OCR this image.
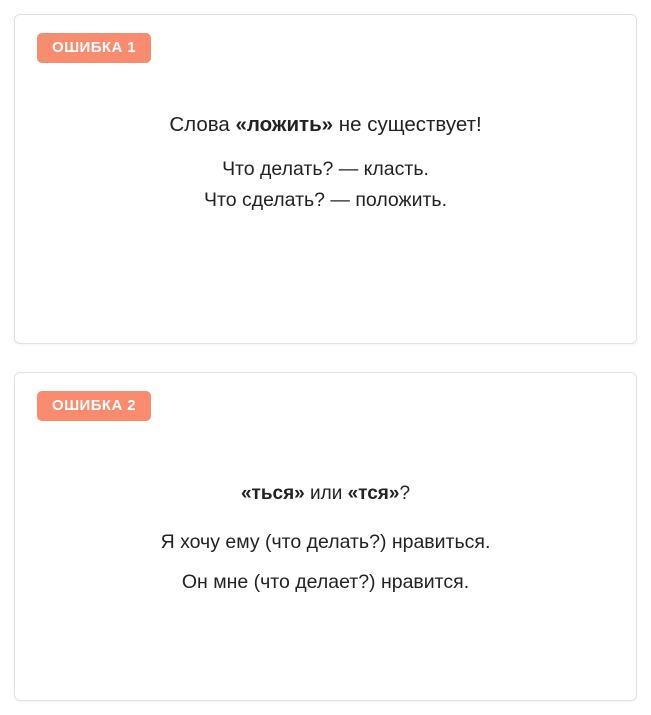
ОШИБКА 1
Слова «ложить» не существует!
Что делать? — класть.
Что сделать? — положить.
ОШИБКА 2
«ться» или «тся»?
Я хочу ему (что делать?) нравиться.
Он мне (что делает?) нравится.
